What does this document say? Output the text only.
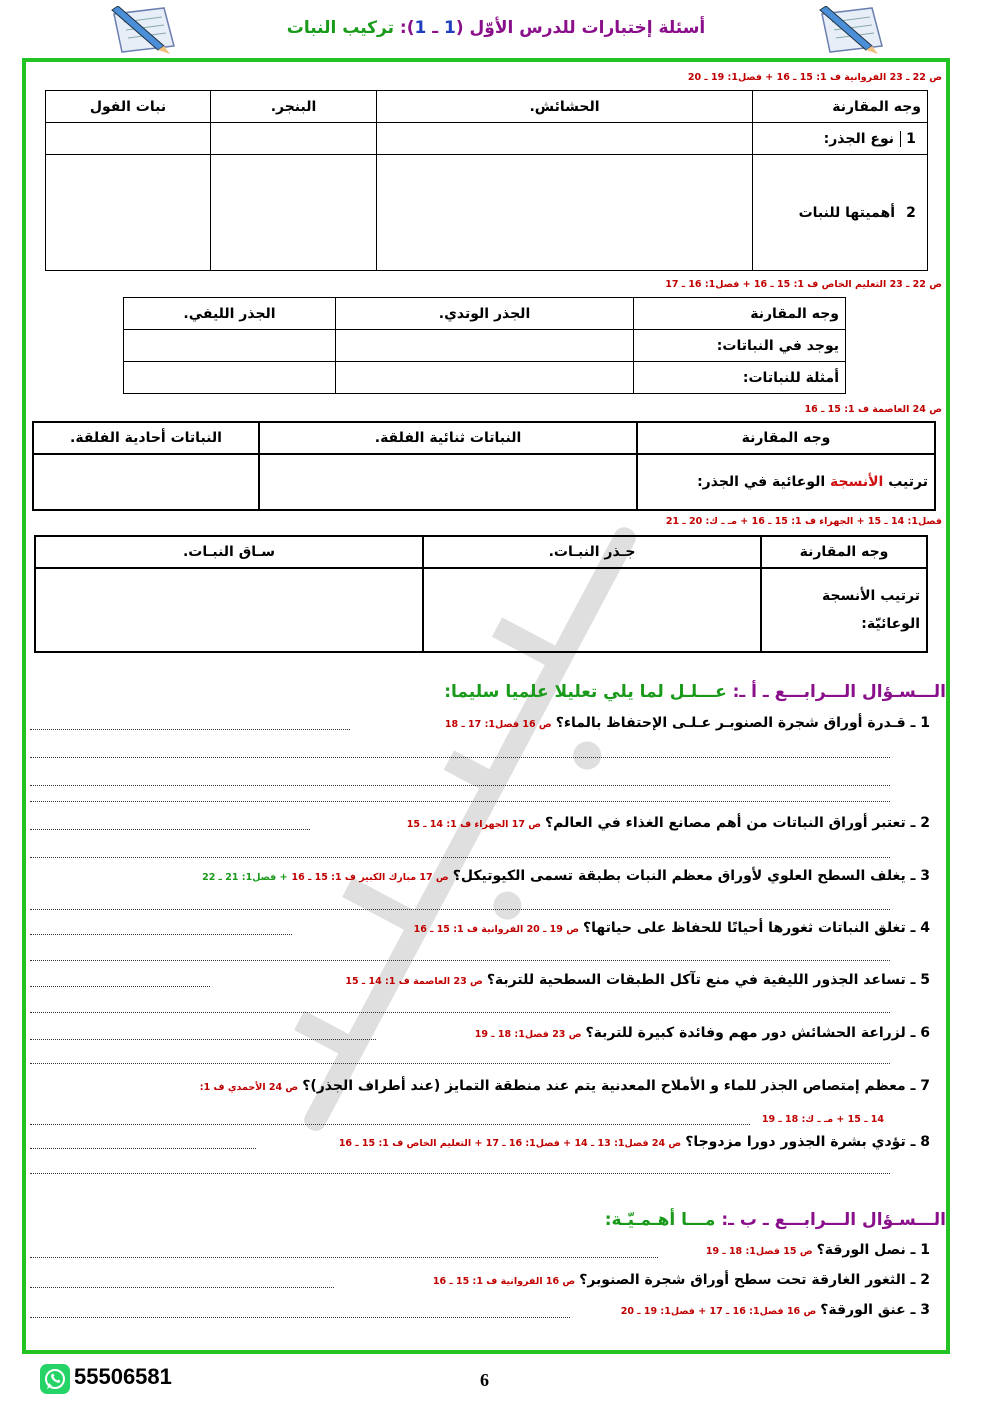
أسئلة إختبارات للدرس الأوّل (1 ـ 1): تركيب النبات
ص 22 ـ 23 الفروانية ف 1: 15 ـ 16 + فصل1: 19 ـ 20
وجه المقارنة	الحشائش.	البنجر.	نبات الفول
1نوع الجذر:			
2أهميتها للنبات			
ص 22 ـ 23 التعليم الخاص ف 1: 15 ـ 16 + فصل1: 16 ـ 17
وجه المقارنة	الجذر الوتدي.	الجذر الليفي.
يوجد في النباتات:		
أمثلة للنباتات:		
ص 24 العاصمة ف 1: 15 ـ 16
وجه المقارنة	النباتات ثنائية الفلقة.	النباتات أحادية الفلقة.
ترتيب الأنسجة الوعائية في الجذر:		
فصل1: 14 ـ 15 + الجهراء ف 1: 15 ـ 16 + مـ ـ ك: 20 ـ 21
وجه المقارنة	جـذر النبـات.	سـاق النبـات.
ترتيب الأنسجة الوعائيّة:		
الـــسـؤال الـــرابـــع ـ أ ـ: عـــلـل لما يلي تعليلا علميا سليما:
1 ـ قـدرة أوراق شجرة الصنوبـر عـلـى الإحتفاظ بالماء؟ص 16 فصل1: 17 ـ 18
2 ـ تعتبر أوراق النباتات من أهم مصانع الغذاء في العالم؟ص 17 الجهراء ف 1: 14 ـ 15
3 ـ يغلف السطح العلوي لأوراق معظم النبات بطبقة تسمى الكيوتيكل؟ص 17 مبارك الكبير ف 1: 15 ـ 16+ فصل1: 21 ـ 22
4 ـ تغلق النباتات ثغورها أحيانًا للحفاظ على حياتها؟ص 19 ـ 20 الفروانية ف 1: 15 ـ 16
5 ـ تساعد الجذور الليفية في منع تآكل الطبقات السطحية للتربة؟ص 23 العاصمة ف 1: 14 ـ 15
6 ـ لزراعة الحشائش دور مهم وفائدة كبيرة للتربة؟ص 23 فصل1: 18 ـ 19
7 ـ معظم إمتصاص الجذر للماء و الأملاح المعدنية يتم عند منطقة التمايز (عند أطراف الجذر)؟ص 24 الأحمدي ف 1:
14 ـ 15 + مـ ـ ك: 18 ـ 19
8 ـ تؤدي بشرة الجذور دورا مزدوجا؟ص 24 فصل1: 13 ـ 14 + فصل1: 16 ـ 17 + التعليم الخاص ف 1: 15 ـ 16
الـــسـؤال الـــرابـــع ـ ب ـ: مـــا أهـمـيّـة:
1 ـ نصل الورقة؟ص 15 فصل1: 18 ـ 19
2 ـ الثغور الغارقة تحت سطح أوراق شجرة الصنوبر؟ص 16 الفروانية ف 1: 15 ـ 16
3 ـ عنق الورقة؟ص 16 فصل1: 16 ـ 17 + فصل1: 19 ـ 20
55506581	6
